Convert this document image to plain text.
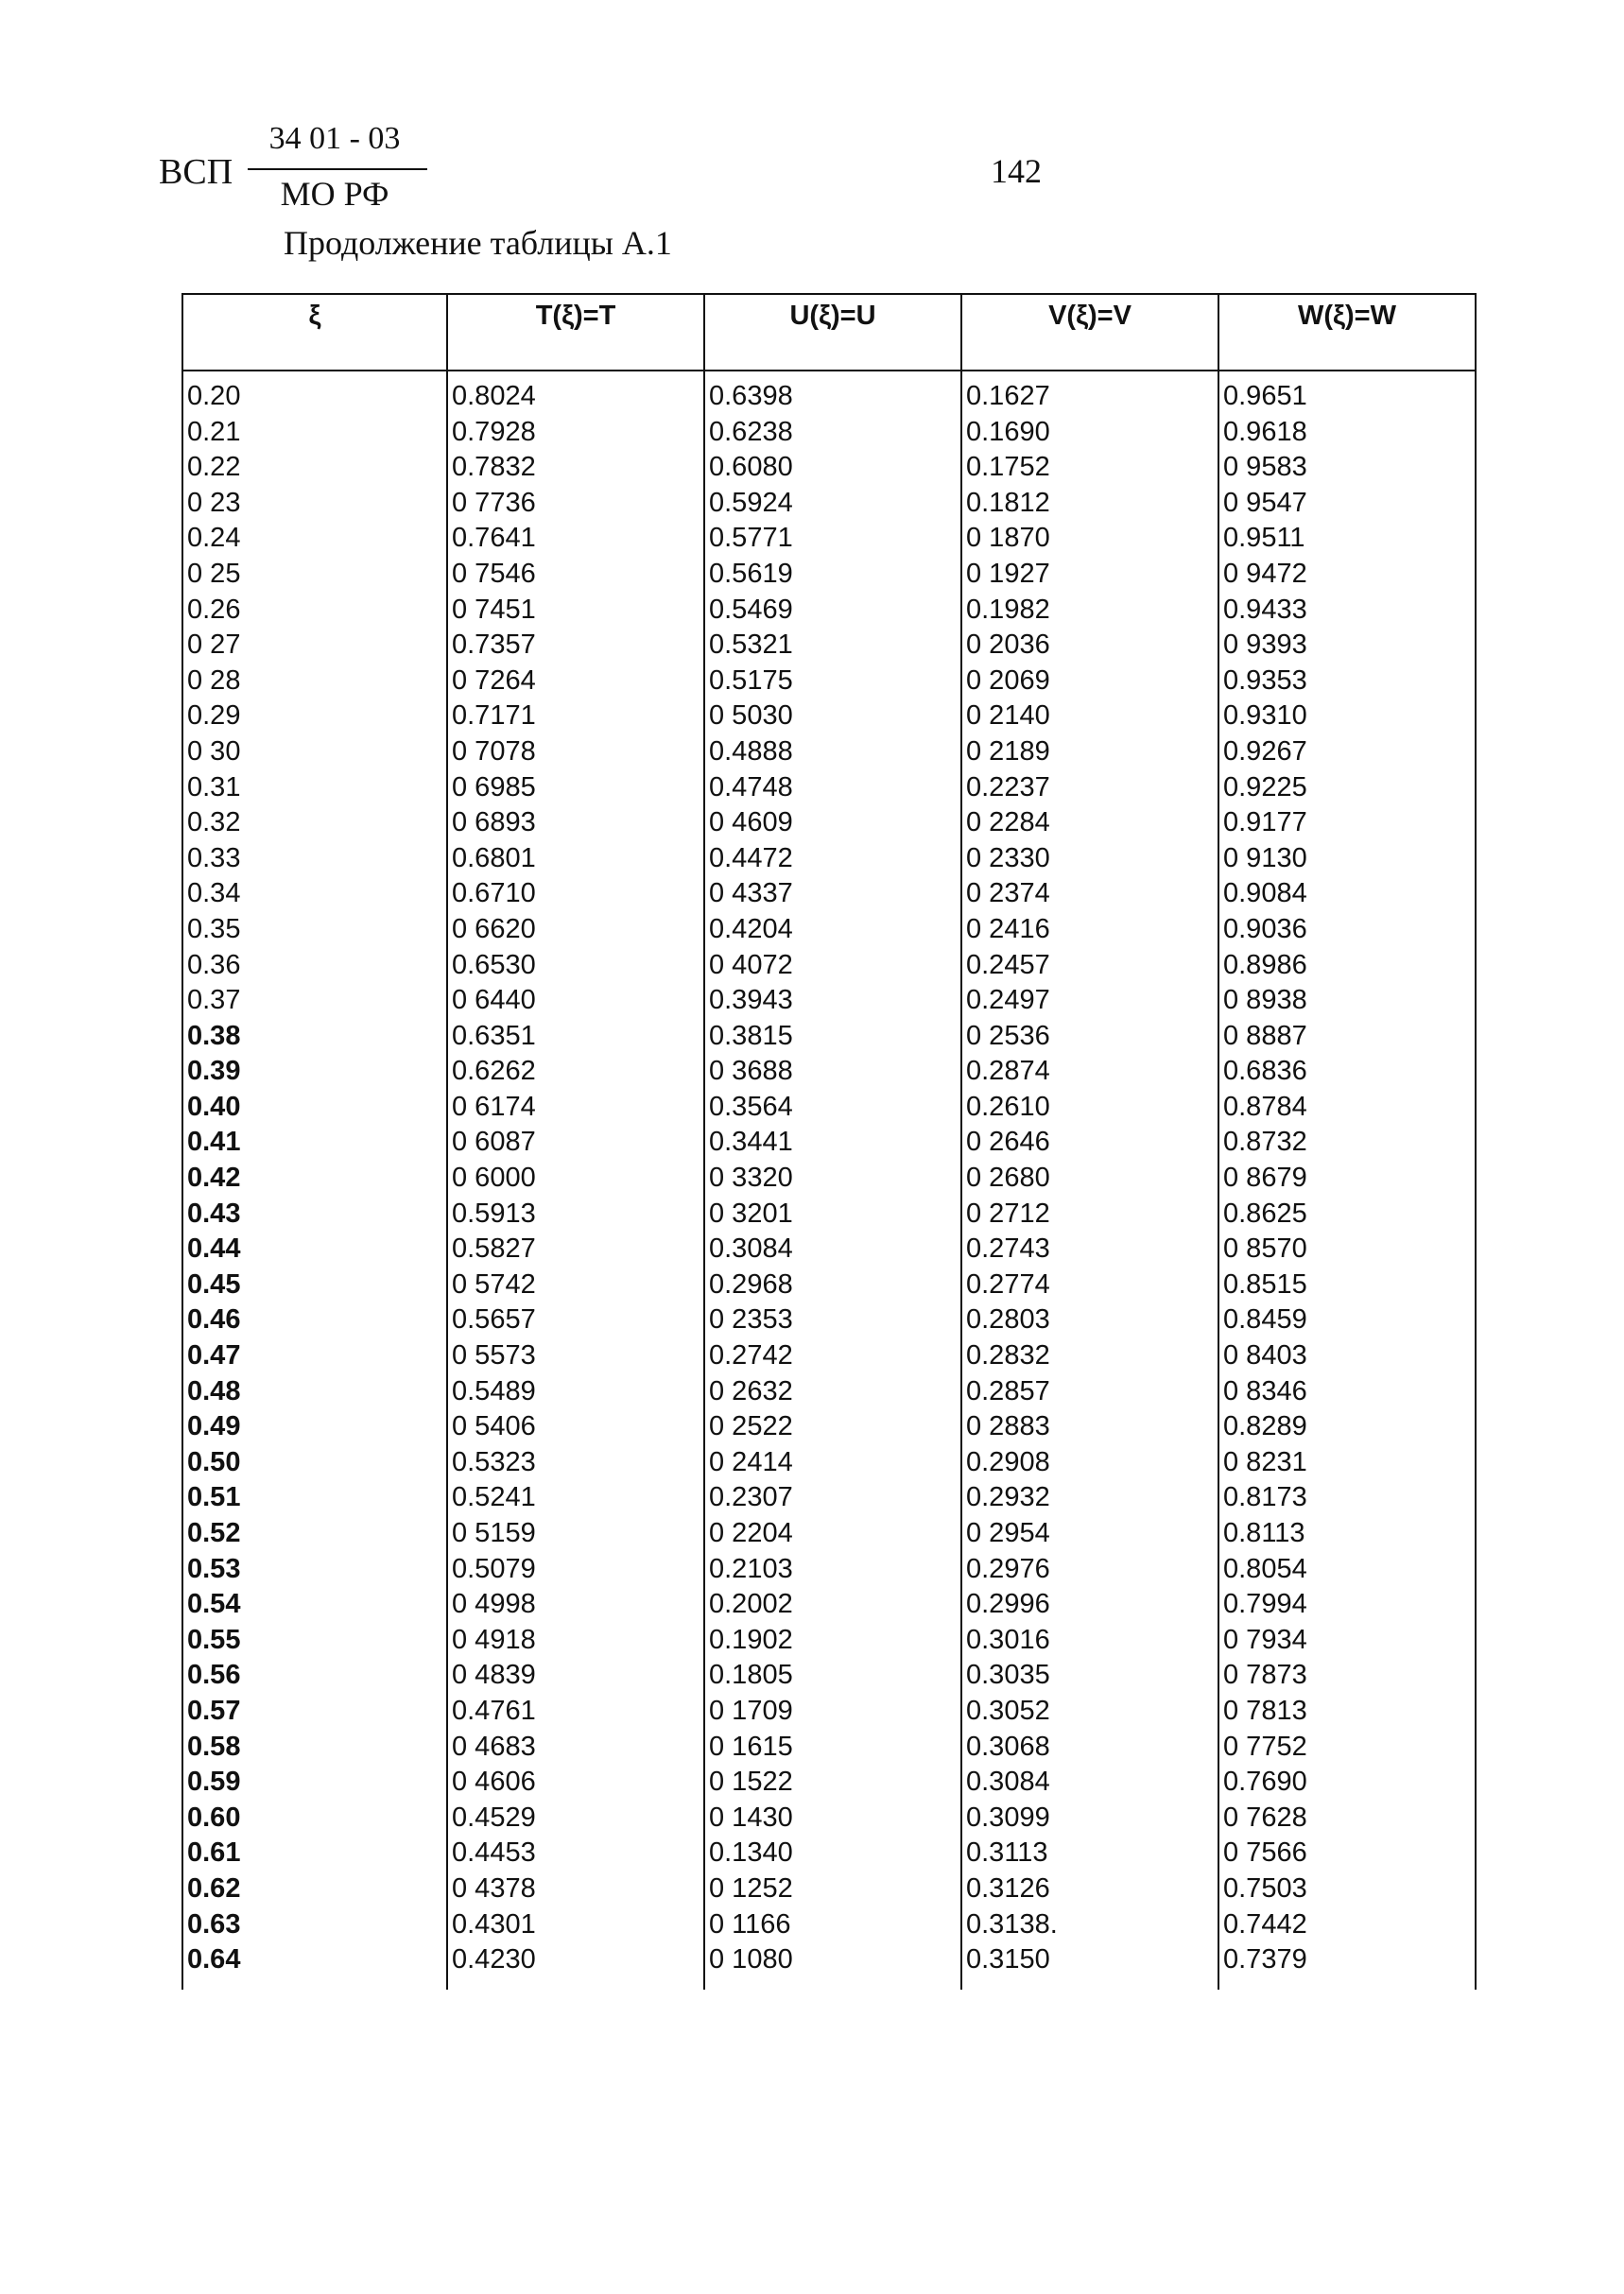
ВСП
34 01 - 03
МО РФ
142
Продолжение таблицы А.1
ξ	T(ξ)=T	U(ξ)=U	V(ξ)=V	W(ξ)=W
0.20	0.8024	0.6398	0.1627	0.9651
0.21	0.7928	0.6238	0.1690	0.9618
0.22	0.7832	0.6080	0.1752	0 9583
0 23	0 7736	0.5924	0.1812	0 9547
0.24	0.7641	0.5771	0 1870	0.9511
0 25	0 7546	0.5619	0 1927	0 9472
0.26	0 7451	0.5469	0.1982	0.9433
0 27	0.7357	0.5321	0 2036	0 9393
0 28	0 7264	0.5175	0 2069	0.9353
0.29	0.7171	0 5030	0 2140	0.9310
0 30	0 7078	0.4888	0 2189	0.9267
0.31	0 6985	0.4748	0.2237	0.9225
0.32	0 6893	0 4609	0 2284	0.9177
0.33	0.6801	0.4472	0 2330	0 9130
0.34	0.6710	0 4337	0 2374	0.9084
0.35	0 6620	0.4204	0 2416	0.9036
0.36	0.6530	0 4072	0.2457	0.8986
0.37	0 6440	0.3943	0.2497	0 8938
0.38	0.6351	0.3815	0 2536	0 8887
0.39	0.6262	0 3688	0.2874	0.6836
0.40	0 6174	0.3564	0.2610	0.8784
0.41	0 6087	0.3441	0 2646	0.8732
0.42	0 6000	0 3320	0 2680	0 8679
0.43	0.5913	0 3201	0 2712	0.8625
0.44	0.5827	0.3084	0.2743	0 8570
0.45	0 5742	0.2968	0.2774	0.8515
0.46	0.5657	0 2353	0.2803	0.8459
0.47	0 5573	0.2742	0.2832	0 8403
0.48	0.5489	0 2632	0.2857	0 8346
0.49	0 5406	0 2522	0 2883	0.8289
0.50	0.5323	0 2414	0.2908	0 8231
0.51	0.5241	0.2307	0.2932	0.8173
0.52	0 5159	0 2204	0 2954	0.8113
0.53	0.5079	0.2103	0.2976	0.8054
0.54	0 4998	0.2002	0.2996	0.7994
0.55	0 4918	0.1902	0.3016	0 7934
0.56	0 4839	0.1805	0.3035	0 7873
0.57	0.4761	0 1709	0.3052	0 7813
0.58	0 4683	0 1615	0.3068	0 7752
0.59	0 4606	0 1522	0.3084	0.7690
0.60	0.4529	0 1430	0.3099	0 7628
0.61	0.4453	0.1340	0.3113	0 7566
0.62	0 4378	0 1252	0.3126	0.7503
0.63	0.4301	0 1166	0.3138.	0.7442
0.64	0.4230	0 1080	0.3150	0.7379
